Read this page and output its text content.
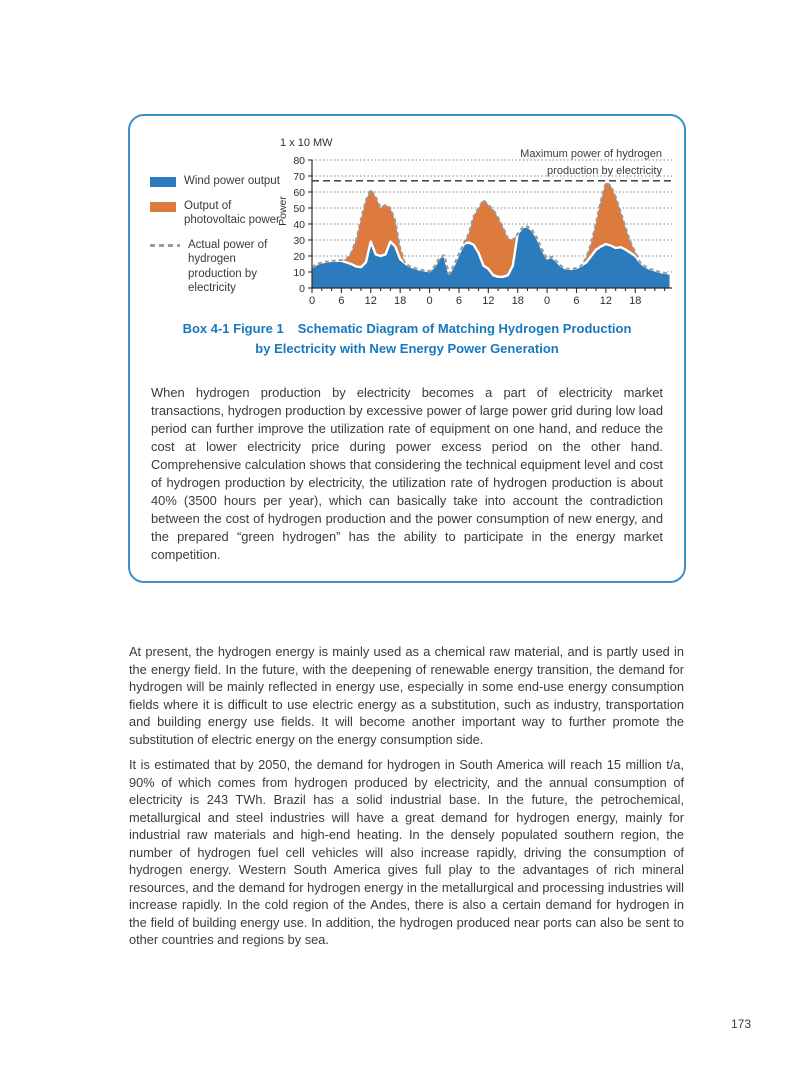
Wind power output
Output of photovoltaic power
Actual power of hydrogen production by electricity	0
10
20
30
40
50
60
70
80
0 6 12 18 0 6 12 18 0 6 12 18
1 x 10 MW
Power
Maximum power of hydrogen
production by electricity
Box 4-1 Figure 1 Schematic Diagram of Matching Hydrogen Production by Electricity with New Energy Power Generation
When hydrogen production by electricity becomes a part of electricity market transactions, hydrogen production by excessive power of large power grid during low load period can further improve the utilization rate of equipment on one hand, and reduce the cost at lower electricity price during power excess period on the other hand. Comprehensive calculation shows that considering the technical equipment level and cost of hydrogen production by electricity, the utilization rate of hydrogen production is about 40% (3500 hours per year), which can basically take into account the contradiction between the cost of hydrogen production and the power consumption of new energy, and the prepared “green hydrogen” has the ability to participate in the energy market competition.

At present, the hydrogen energy is mainly used as a chemical raw material, and is partly used in the energy field. In the future, with the deepening of renewable energy transition, the demand for hydrogen will be mainly reflected in energy use, especially in some end-use energy consumption fields where it is difficult to use electric energy as a substitution, such as industry, transportation and building energy use fields. It will become another important way to further promote the substitution of electric energy on the energy consumption side.

It is estimated that by 2050, the demand for hydrogen in South America will reach 15 million t/a, 90% of which comes from hydrogen produced by electricity, and the annual consumption of electricity is 243 TWh. Brazil has a solid industrial base. In the future, the petrochemical, metallurgical and steel industries will have a great demand for hydrogen energy, mainly for industrial raw materials and high-end heating. In the densely populated southern region, the number of hydrogen fuel cell vehicles will also increase rapidly, driving the consumption of hydrogen energy. Western South America gives full play to the advantages of rich mineral resources, and the demand for hydrogen energy in the metallurgical and processing industries will increase rapidly. In the cold region of the Andes, there is also a certain demand for hydrogen in the field of building energy use. In addition, the hydrogen produced near ports can also be sent to other countries and regions by sea.

173
